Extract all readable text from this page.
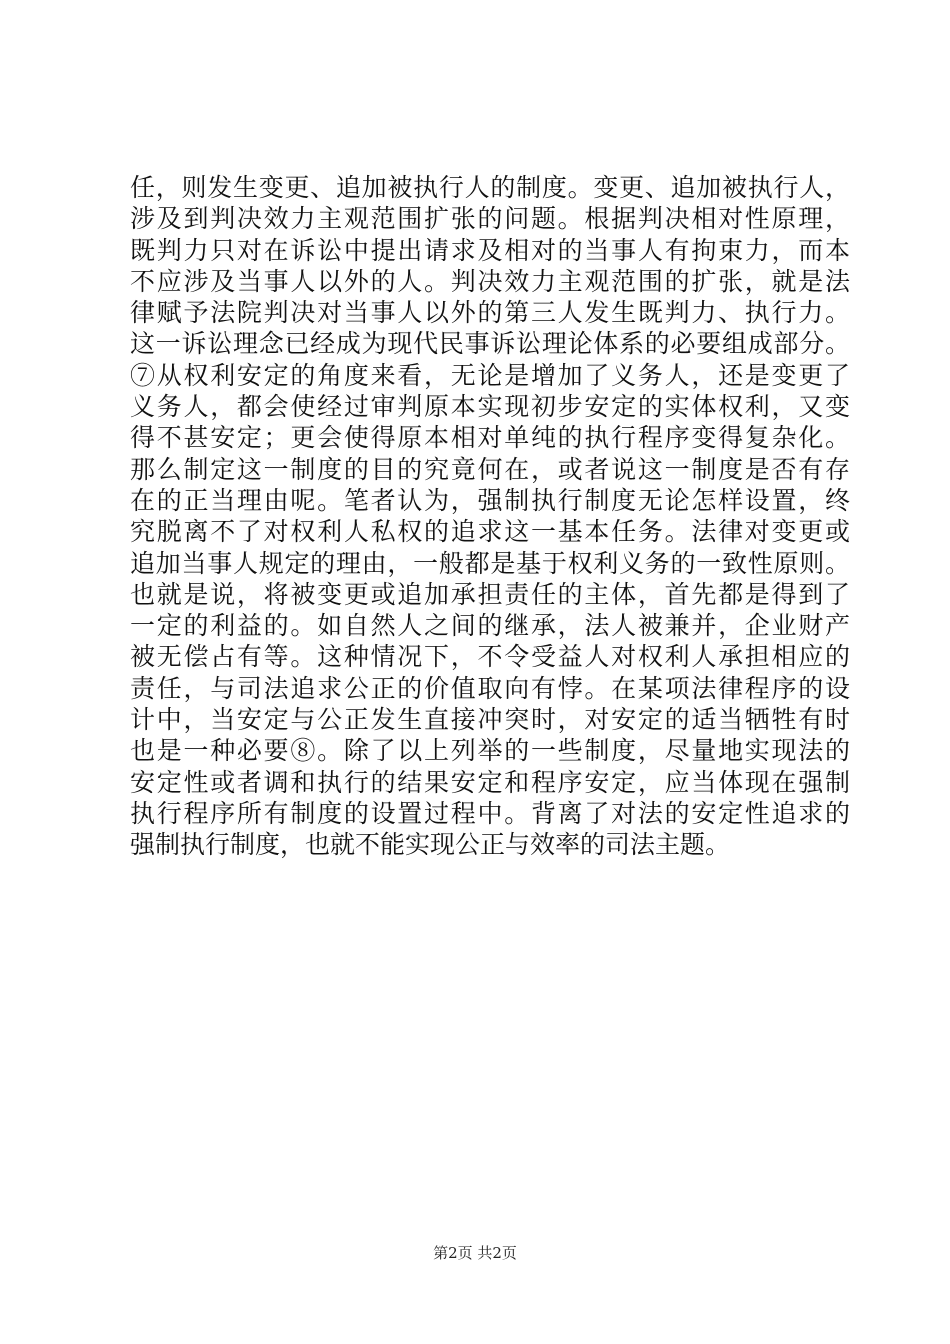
任，则发生变更、追加被执行人的制度。变更、追加被执行人，
涉及到判决效力主观范围扩张的问题。根据判决相对性原理，
既判力只对在诉讼中提出请求及相对的当事人有拘束力，而本
不应涉及当事人以外的人。判决效力主观范围的扩张，就是法
律赋予法院判决对当事人以外的第三人发生既判力、执行力。
这一诉讼理念已经成为现代民事诉讼理论体系的必要组成部分。
⑦从权利安定的角度来看，无论是增加了义务人，还是变更了
义务人，都会使经过审判原本实现初步安定的实体权利，又变
得不甚安定；更会使得原本相对单纯的执行程序变得复杂化。
那么制定这一制度的目的究竟何在，或者说这一制度是否有存
在的正当理由呢。笔者认为，强制执行制度无论怎样设置，终
究脱离不了对权利人私权的追求这一基本任务。法律对变更或
追加当事人规定的理由，一般都是基于权利义务的一致性原则。
也就是说，将被变更或追加承担责任的主体，首先都是得到了
一定的利益的。如自然人之间的继承，法人被兼并，企业财产
被无偿占有等。这种情况下，不令受益人对权利人承担相应的
责任，与司法追求公正的价值取向有悖。在某项法律程序的设
计中，当安定与公正发生直接冲突时，对安定的适当牺牲有时
也是一种必要⑧。除了以上列举的一些制度，尽量地实现法的
安定性或者调和执行的结果安定和程序安定，应当体现在强制
执行程序所有制度的设置过程中。背离了对法的安定性追求的
强制执行制度，也就不能实现公正与效率的司法主题。
第2页 共2页
